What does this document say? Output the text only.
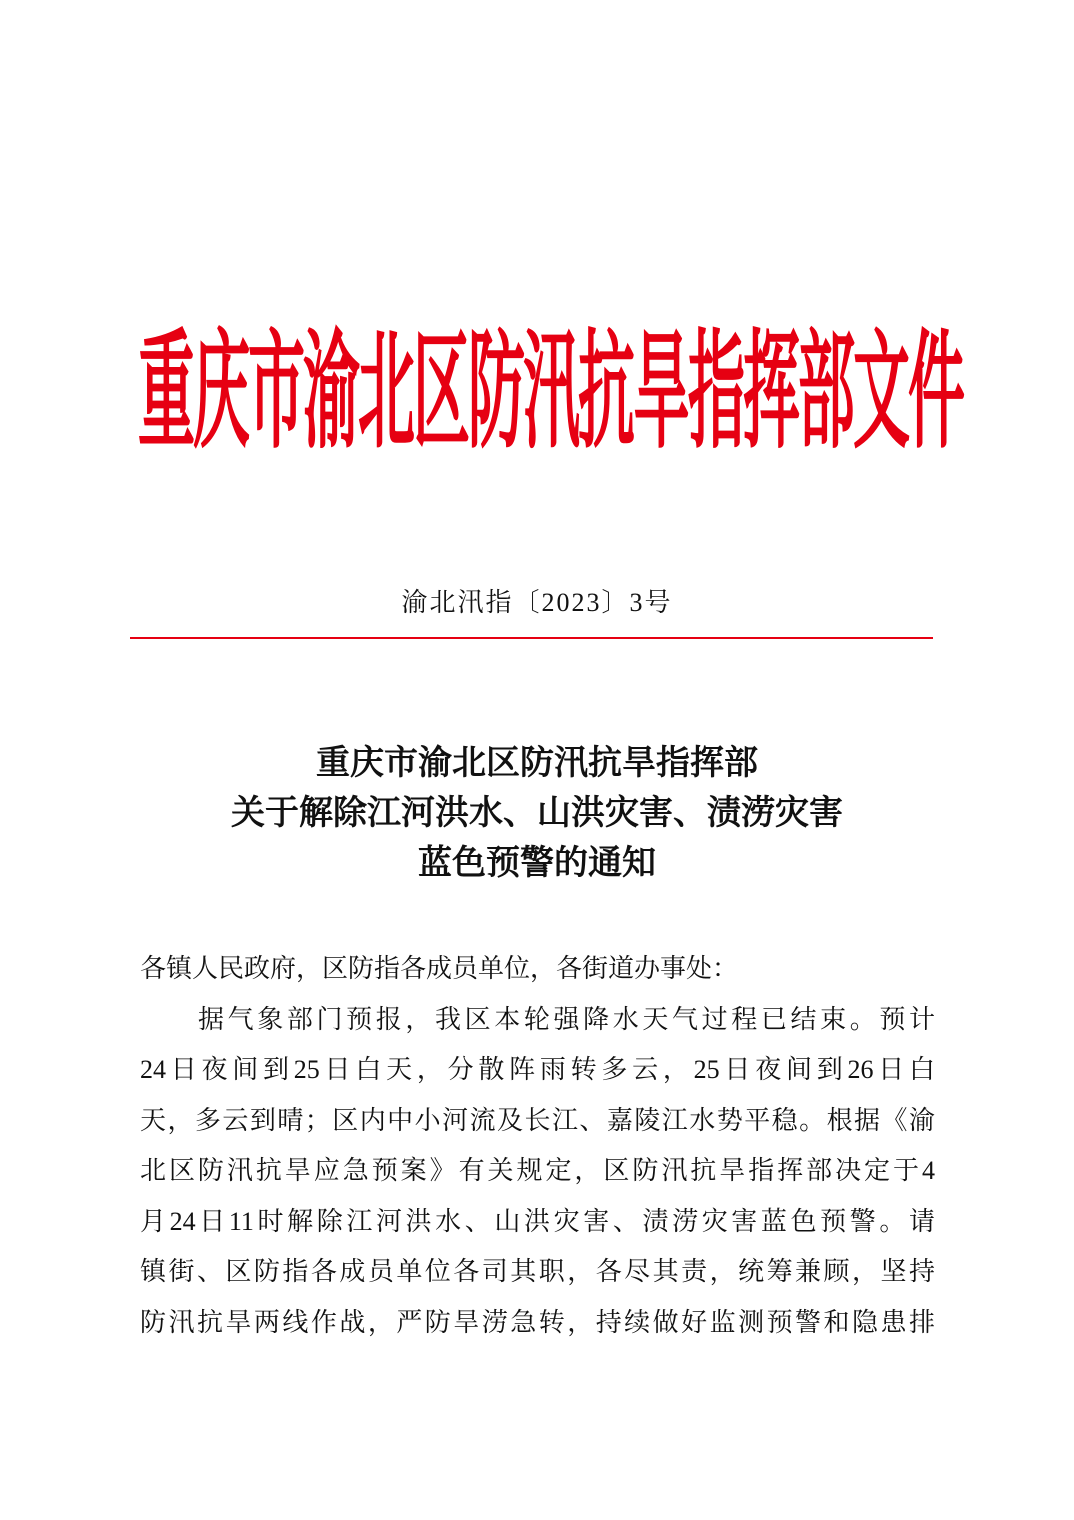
重庆市渝北区防汛抗旱指挥部文件
渝北汛指〔2023〕3号
重庆市渝北区防汛抗旱指挥部
关于解除江河洪水、山洪灾害、渍涝灾害
蓝色预警的通知
各镇人民政府，区防指各成员单位，各街道办事处：
据气象部门预报，我区本轮强降水天气过程已结束。预计
24日夜间到25日白天，分散阵雨转多云，25日夜间到26日白
天，多云到晴；区内中小河流及长江、嘉陵江水势平稳。根据《渝
北区防汛抗旱应急预案》有关规定，区防汛抗旱指挥部决定于4
月24日11时解除江河洪水、山洪灾害、渍涝灾害蓝色预警。请
镇街、区防指各成员单位各司其职，各尽其责，统筹兼顾，坚持
防汛抗旱两线作战，严防旱涝急转，持续做好监测预警和隐患排
